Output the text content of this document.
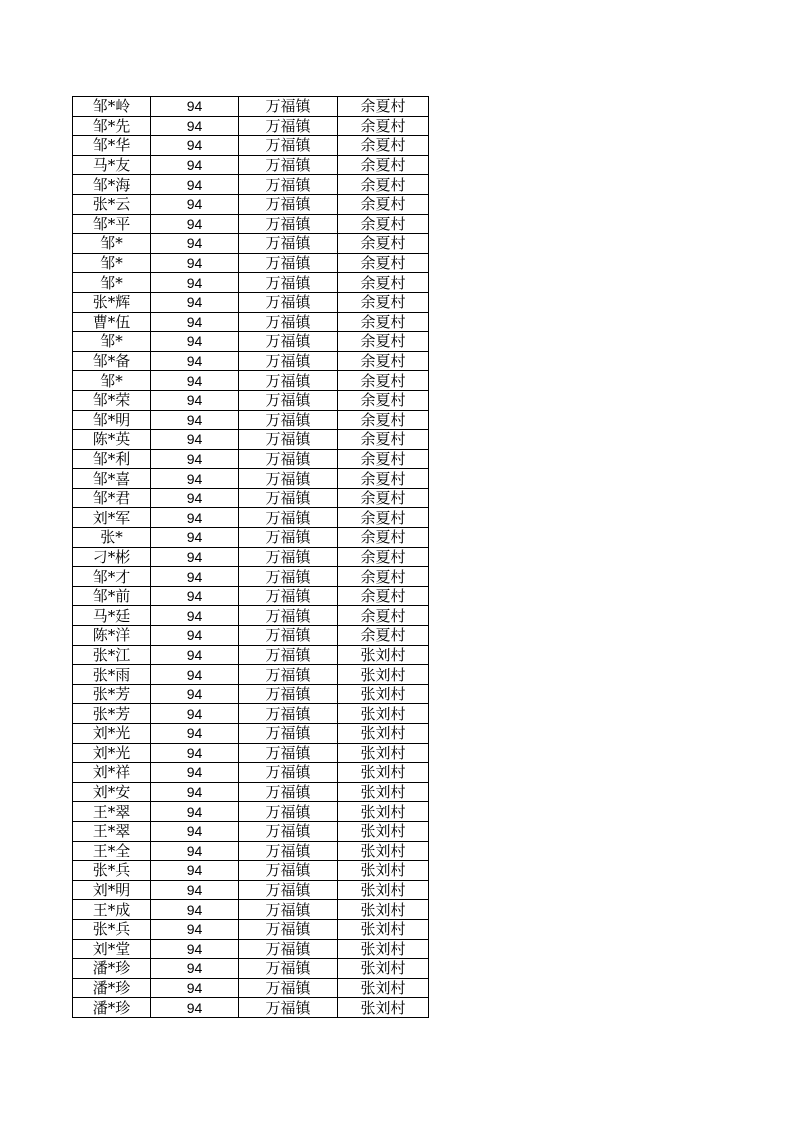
邹*岭	94	万福镇	余夏村
邹*先	94	万福镇	余夏村
邹*华	94	万福镇	余夏村
马*友	94	万福镇	余夏村
邹*海	94	万福镇	余夏村
张*云	94	万福镇	余夏村
邹*平	94	万福镇	余夏村
邹*	94	万福镇	余夏村
邹*	94	万福镇	余夏村
邹*	94	万福镇	余夏村
张*辉	94	万福镇	余夏村
曹*伍	94	万福镇	余夏村
邹*	94	万福镇	余夏村
邹*备	94	万福镇	余夏村
邹*	94	万福镇	余夏村
邹*荣	94	万福镇	余夏村
邹*明	94	万福镇	余夏村
陈*英	94	万福镇	余夏村
邹*利	94	万福镇	余夏村
邹*喜	94	万福镇	余夏村
邹*君	94	万福镇	余夏村
刘*军	94	万福镇	余夏村
张*	94	万福镇	余夏村
刁*彬	94	万福镇	余夏村
邹*才	94	万福镇	余夏村
邹*前	94	万福镇	余夏村
马*廷	94	万福镇	余夏村
陈*洋	94	万福镇	余夏村
张*江	94	万福镇	张刘村
张*雨	94	万福镇	张刘村
张*芳	94	万福镇	张刘村
张*芳	94	万福镇	张刘村
刘*光	94	万福镇	张刘村
刘*光	94	万福镇	张刘村
刘*祥	94	万福镇	张刘村
刘*安	94	万福镇	张刘村
王*翠	94	万福镇	张刘村
王*翠	94	万福镇	张刘村
王*全	94	万福镇	张刘村
张*兵	94	万福镇	张刘村
刘*明	94	万福镇	张刘村
王*成	94	万福镇	张刘村
张*兵	94	万福镇	张刘村
刘*堂	94	万福镇	张刘村
潘*珍	94	万福镇	张刘村
潘*珍	94	万福镇	张刘村
潘*珍	94	万福镇	张刘村
